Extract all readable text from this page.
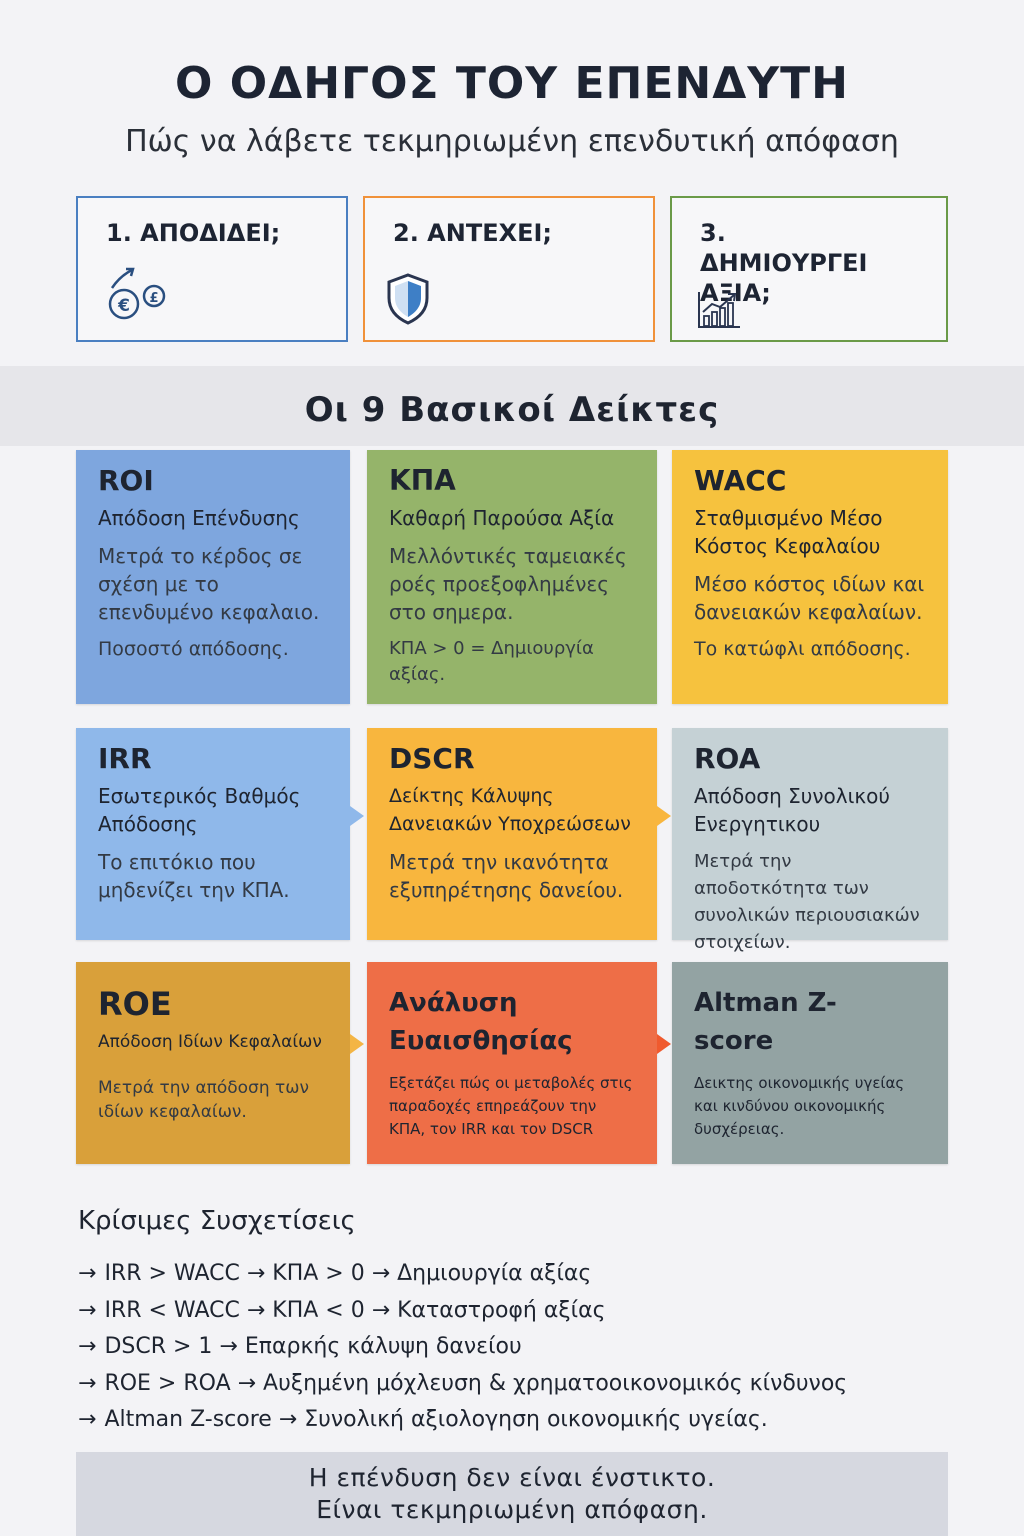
Ο ΟΔΗΓΟΣ ΤΟΥ ΕΠΕΝΔΥΤΗ
Πώς να λάβετε τεκμηριωμένη επενδυτική απόφαση
1. ΑΠΟΔΙΔΕΙ;
€ £
2. ΑΝΤΕΧΕΙ;	3. ΔΗΜΙΟΥΡΓΕΙ ΑΞΙΑ;
Οι 9 Βασικοί Δείκτες
ROI
Απόδοση Επένδυσης
Μετρά το κέρδος σε σχέση με το επενδυμένο κεφαλαιο.
Ποσοστό απόδοσης.
ΚΠΑ
Καθαρή Παρούσα Αξία
Μελλόντικές ταμειακές ροές προεξοφλημένες στο σημερα.
ΚΠΑ > 0 = Δημιουργία αξίας.
WACC
Σταθμισμένο Μέσο Κόστος Κεφαλαίου
Μέσο κόστος ιδίων και δανειακών κεφαλαίων.
Το κατώφλι απόδοσης.
IRR
Εσωτερικός Βαθμός Απόδοσης
Το επιτόκιο που μηδενίζει την ΚΠΑ.
DSCR
Δείκτης Κάλυψης Δανειακών Υποχρεώσεων
Μετρά την ικανότητα εξυπηρέτησης δανείου.
ROA
Απόδοση Συνολικού Ενεργητικου
Μετρά την αποδοτκότητα των συνολικών περιουσιακών στοιχείων.
ROE
Απόδοση Ιδίων Κεφαλαίων
Μετρά την απόδοση των ιδίων κεφαλαίων.
Ανάλυση Ευαισθησίας
Εξετάζει πώς οι μεταβολές στις παραδοχές επηρεάζουν την ΚΠΑ, τον IRR και τον DSCR
Altman Z-score
Δεικτης οικονομικής υγείας και κινδύνου οικονομικής δυσχέρειας.
Κρίσιμες Συσχετίσεις
→ IRR > WACC → ΚΠΑ > 0 → Δημιουργία αξίας
→ IRR < WACC → ΚΠΑ < 0 → Καταστροφή αξίας
→ DSCR > 1 → Επαρκής κάλυψη δανείου
→ ROE > ROA → Αυξημένη μόχλευση & χρηματοοικονομικός κίνδυνος
→ Altman Z-score → Συνολική αξιολογηση οικονομικής υγείας.
Η επένδυση δεν είναι ένστικτο.
Είναι τεκμηριωμένη απόφαση.
